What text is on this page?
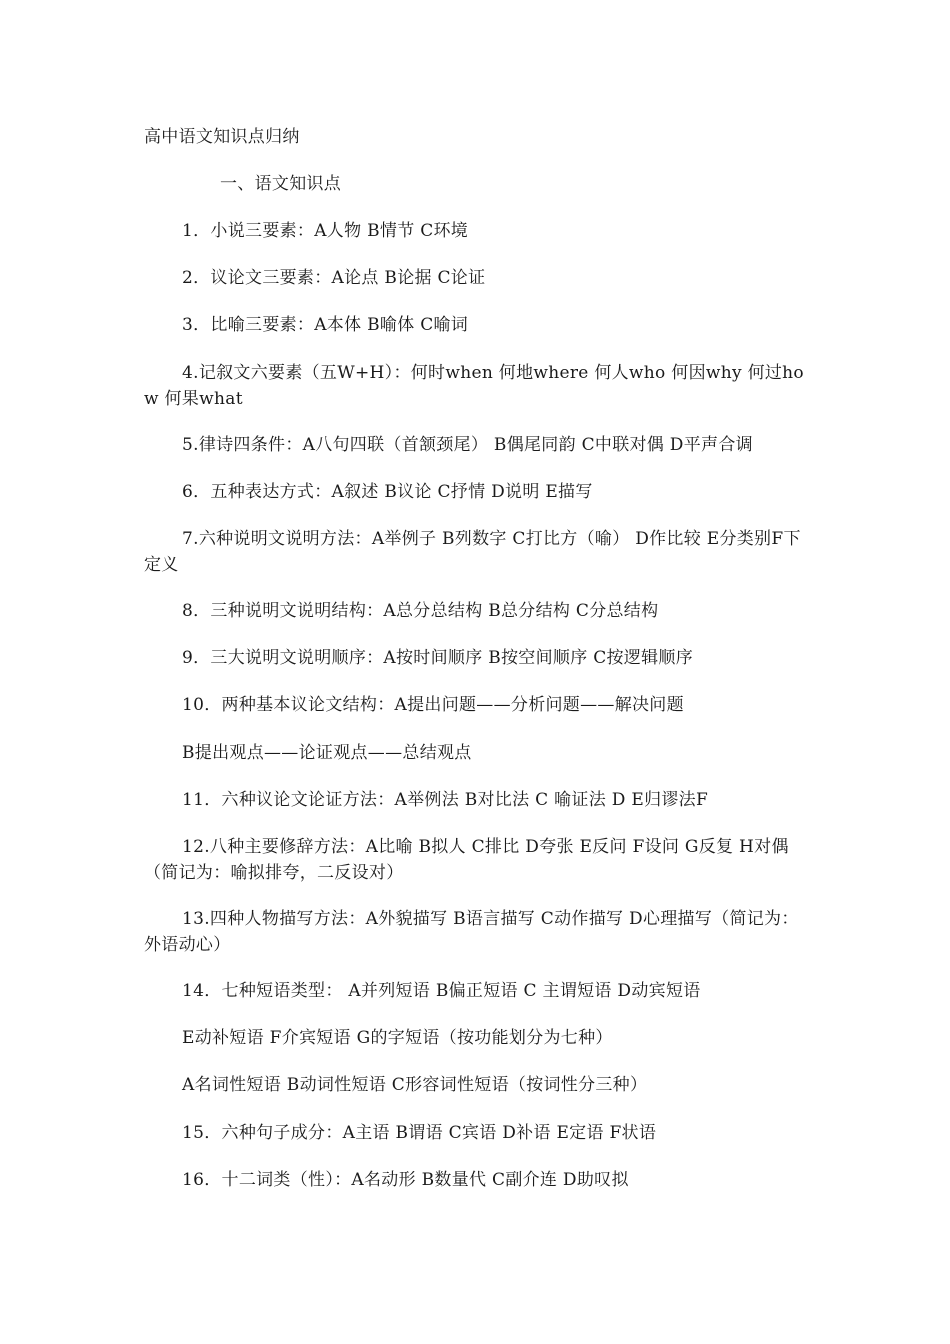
高中语文知识点归纳
一、语文知识点
1．小说三要素：A人物 B情节 C环境
2．议论文三要素：A论点 B论据 C论证
3．比喻三要素：A本体 B喻体 C喻词
4.记叙文六要素（五W+H）：何时when 何地where 何人who 何因why 何过how 何果what
5.律诗四条件：A八句四联（首颔颈尾） B偶尾同韵 C中联对偶 D平声合调
6．五种表达方式：A叙述 B议论 C抒情 D说明 E描写
7.六种说明文说明方法：A举例子 B列数字 C打比方（喻） D作比较 E分类别F下定义
8．三种说明文说明结构：A总分总结构 B总分结构 C分总结构
9．三大说明文说明顺序：A按时间顺序 B按空间顺序 C按逻辑顺序
10．两种基本议论文结构：A提出问题——分析问题——解决问题
B提出观点——论证观点——总结观点
11．六种议论文论证方法：A举例法 B对比法 C 喻证法 D E归谬法F
12.八种主要修辞方法：A比喻 B拟人 C排比 D夸张 E反问 F设问 G反复 H对偶（简记为：喻拟排夸，二反设对）
13.四种人物描写方法：A外貌描写 B语言描写 C动作描写 D心理描写（简记为：外语动心）
14．七种短语类型： A并列短语 B偏正短语 C 主谓短语 D动宾短语
E动补短语 F介宾短语 G的字短语（按功能划分为七种）
A名词性短语 B动词性短语 C形容词性短语（按词性分三种）
15．六种句子成分：A主语 B谓语 C宾语 D补语 E定语 F状语
16．十二词类（性）：A名动形 B数量代 C副介连 D助叹拟
